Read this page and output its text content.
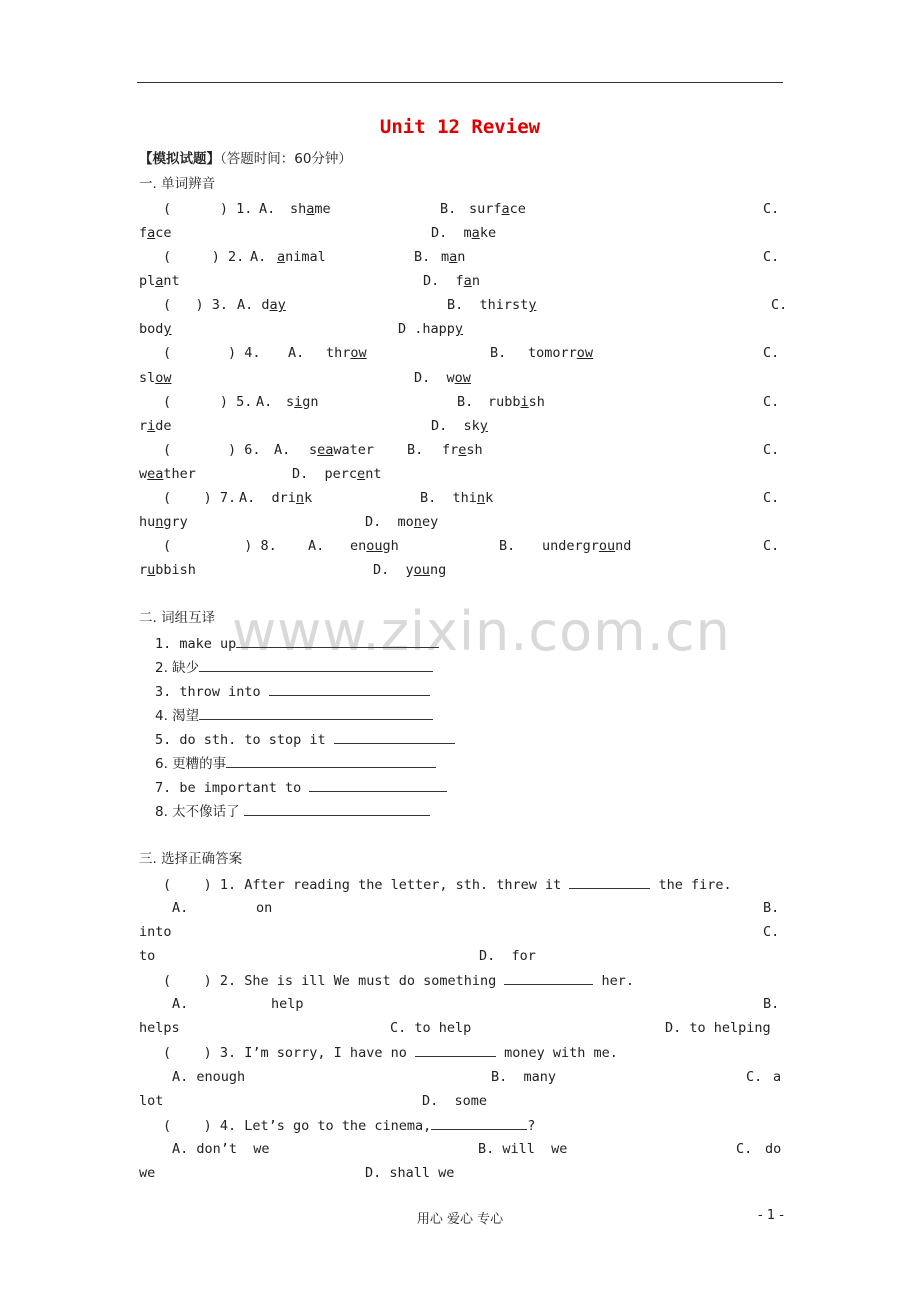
Unit 12 Review
【模拟试题】（答题时间：60分钟）
一. 单词辨音
(      ) 1. A. shame	B. surface	C.
face	D. make
(     ) 2. A. animal	B. man	C.
plant	D. fan
(   ) 3. A. day	B. thirsty	C.
body	D .happy
(       ) 4. A. throw	B. tomorrow	C.
slow	D. wow
(      ) 5. A. sign	B. rubbish	C.
ride	D. sky
(       ) 6. A. seawater B. fresh	C.
weather	D. percent
(    ) 7. A. drink	B. think	C.
hungry	D. money
(         ) 8. A. enough	B. underground	C.
rubbish	D. young
www.zixin.com.cn
二. 词组互译
1. make up
2. 缺少
3. throw into
4. 渴望
5. do sth. to stop it
6. 更糟的事
7. be important to
8. 太不像话了
三. 选择正确答案
(    ) 1. After reading the letter, sth. threw it	the fire.
A.	on	B.
into	C.
to	D. for
(    ) 2. She is ill We must do something	her.
A.	help	B.
helps	C. to help	D. to helping
(    ) 3. I’m sorry, I have no	money with me.
A. enough	B. many	C. a
lot	D. some
(    ) 4. Let’s go to the cinema,	?
A. don’t  we	B. will  we	C. do
we	D. shall we
用心 爱心 专心	- 1 -
